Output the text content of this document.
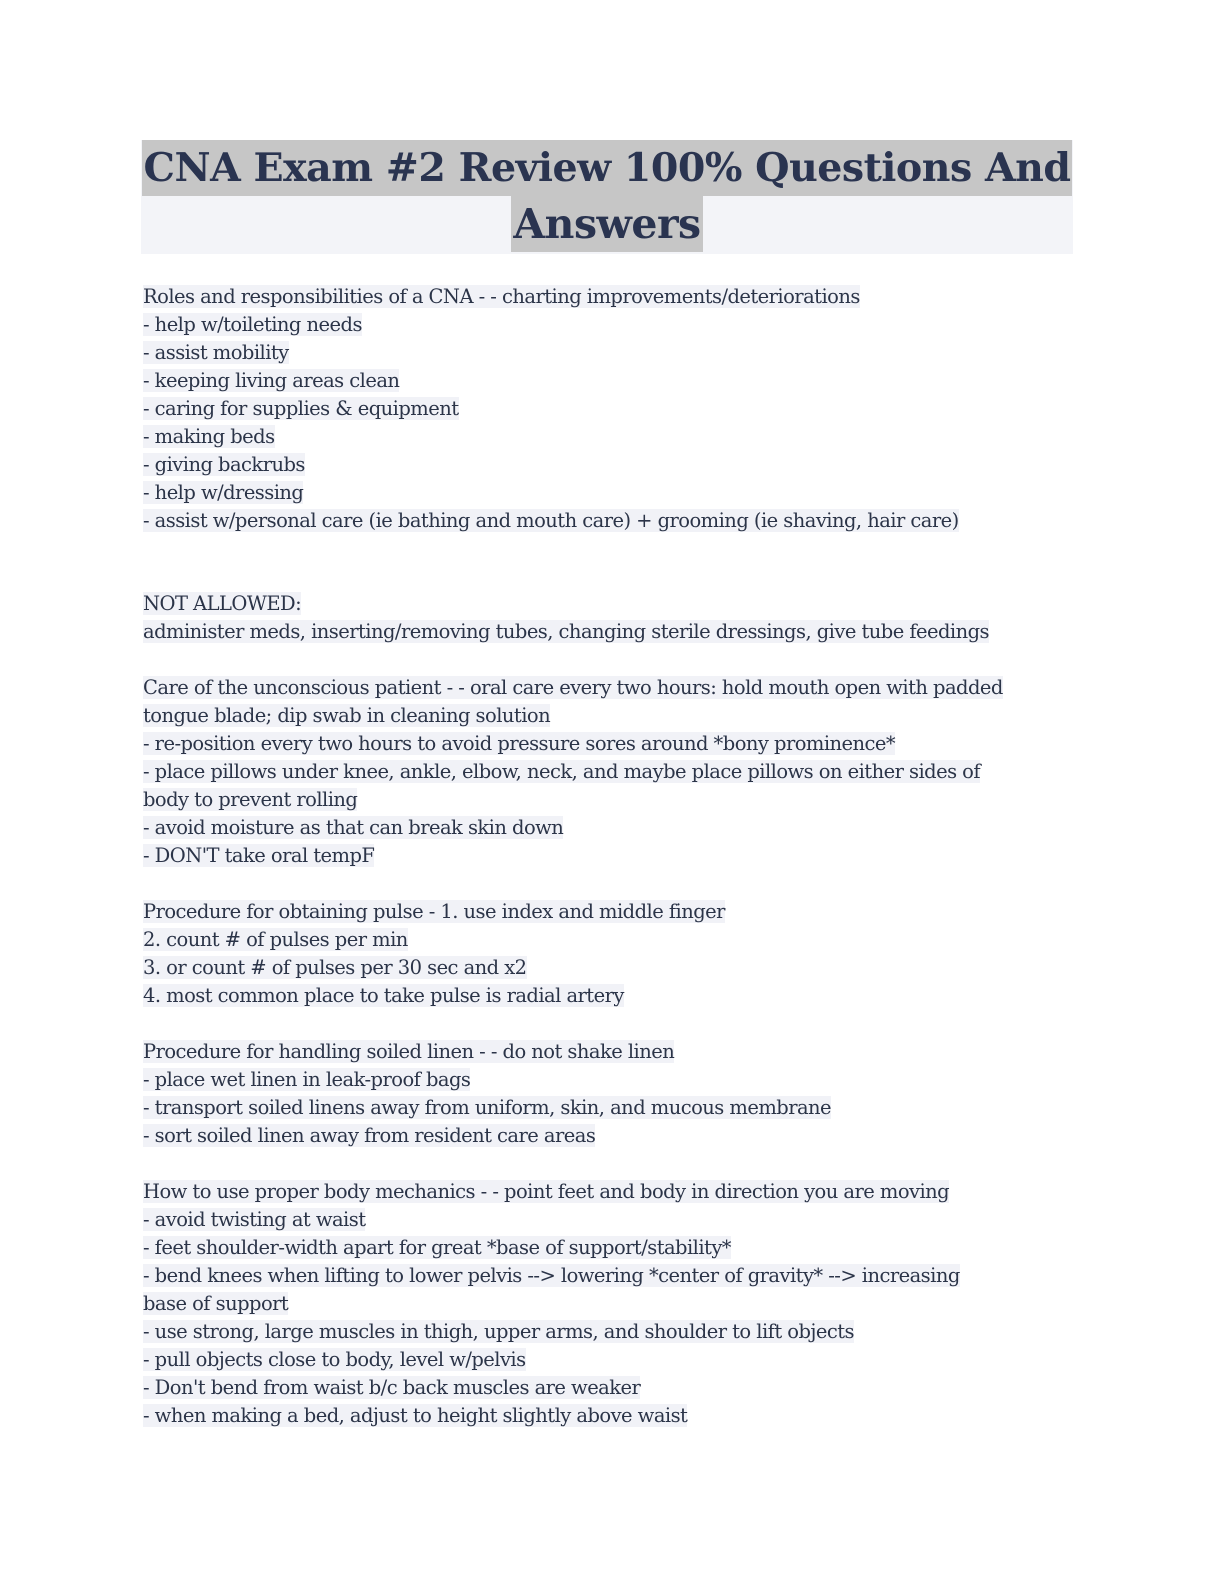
CNA Exam #2 Review 100% Questions And
Answers
Roles and responsibilities of a CNA - - charting improvements/deteriorations
- help w/toileting needs
- assist mobility
- keeping living areas clean
- caring for supplies & equipment
- making beds
- giving backrubs
- help w/dressing
- assist w/personal care (ie bathing and mouth care) + grooming (ie shaving, hair care)
NOT ALLOWED:
administer meds, inserting/removing tubes, changing sterile dressings, give tube feedings
Care of the unconscious patient - - oral care every two hours: hold mouth open with padded
tongue blade; dip swab in cleaning solution
- re-position every two hours to avoid pressure sores around *bony prominence*
- place pillows under knee, ankle, elbow, neck, and maybe place pillows on either sides of
body to prevent rolling
- avoid moisture as that can break skin down
- DON'T take oral tempF
Procedure for obtaining pulse - 1. use index and middle finger
2. count # of pulses per min
3. or count # of pulses per 30 sec and x2
4. most common place to take pulse is radial artery
Procedure for handling soiled linen - - do not shake linen
- place wet linen in leak-proof bags
- transport soiled linens away from uniform, skin, and mucous membrane
- sort soiled linen away from resident care areas
How to use proper body mechanics - - point feet and body in direction you are moving
- avoid twisting at waist
- feet shoulder-width apart for great *base of support/stability*
- bend knees when lifting to lower pelvis --> lowering *center of gravity* --> increasing
base of support
- use strong, large muscles in thigh, upper arms, and shoulder to lift objects
- pull objects close to body, level w/pelvis
- Don't bend from waist b/c back muscles are weaker
- when making a bed, adjust to height slightly above waist
